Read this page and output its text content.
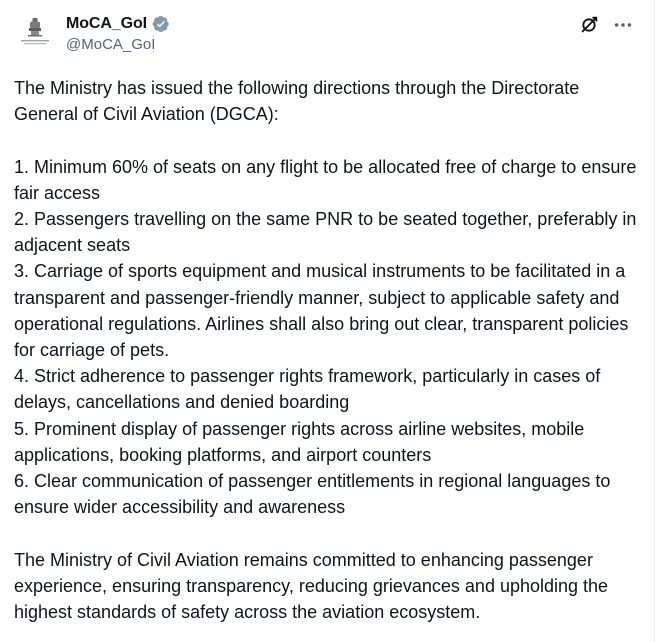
MoCA_GoI
@MoCA_GoI

The Ministry has issued the following directions through the Directorate General of Civil Aviation (DGCA):

1. Minimum 60% of seats on any flight to be allocated free of charge to ensure fair access
2. Passengers travelling on the same PNR to be seated together, preferably in adjacent seats
3. Carriage of sports equipment and musical instruments to be facilitated in a transparent and passenger-friendly manner, subject to applicable safety and operational regulations. Airlines shall also bring out clear, transparent policies for carriage of pets.
4. Strict adherence to passenger rights framework, particularly in cases of delays, cancellations and denied boarding
5. Prominent display of passenger rights across airline websites, mobile applications, booking platforms, and airport counters
6. Clear communication of passenger entitlements in regional languages to ensure wider accessibility and awareness

The Ministry of Civil Aviation remains committed to enhancing passenger experience, ensuring transparency, reducing grievances and upholding the highest standards of safety across the aviation ecosystem.
